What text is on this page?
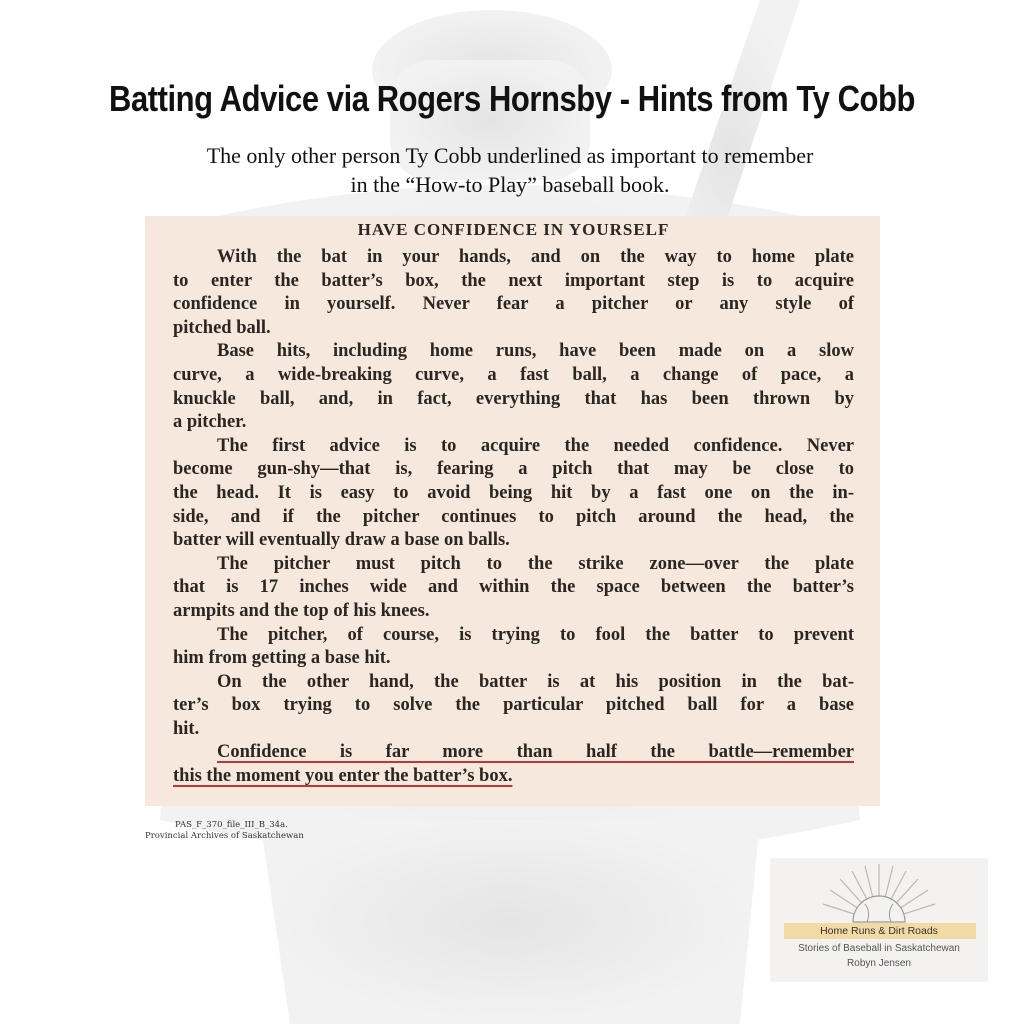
Batting Advice via Rogers Hornsby - Hints from Ty Cobb
The only other person Ty Cobb underlined as important to remember
in the “How-to Play” baseball book.
HAVE CONFIDENCE IN YOURSELF
With the bat in your hands, and on the way to home plate
to enter the batter’s box, the next important step is to acquire
confidence in yourself. Never fear a pitcher or any style of
pitched ball.
Base hits, including home runs, have been made on a slow
curve, a wide-breaking curve, a fast ball, a change of pace, a
knuckle ball, and, in fact, everything that has been thrown by
a pitcher.
The first advice is to acquire the needed confidence. Never
become gun-shy—that is, fearing a pitch that may be close to
the head. It is easy to avoid being hit by a fast one on the in-
side, and if the pitcher continues to pitch around the head, the
batter will eventually draw a base on balls.
The pitcher must pitch to the strike zone—over the plate
that is 17 inches wide and within the space between the batter’s
armpits and the top of his knees.
The pitcher, of course, is trying to fool the batter to prevent
him from getting a base hit.
On the other hand, the batter is at his position in the bat-
ter’s box trying to solve the particular pitched ball for a base
hit.
Confidence is far more than half the battle—remember
this the moment you enter the batter’s box.
PAS_F_370_file_III_B_34a.
Provincial Archives of Saskatchewan
Home Runs & Dirt Roads
Stories of Baseball in Saskatchewan
Robyn Jensen
